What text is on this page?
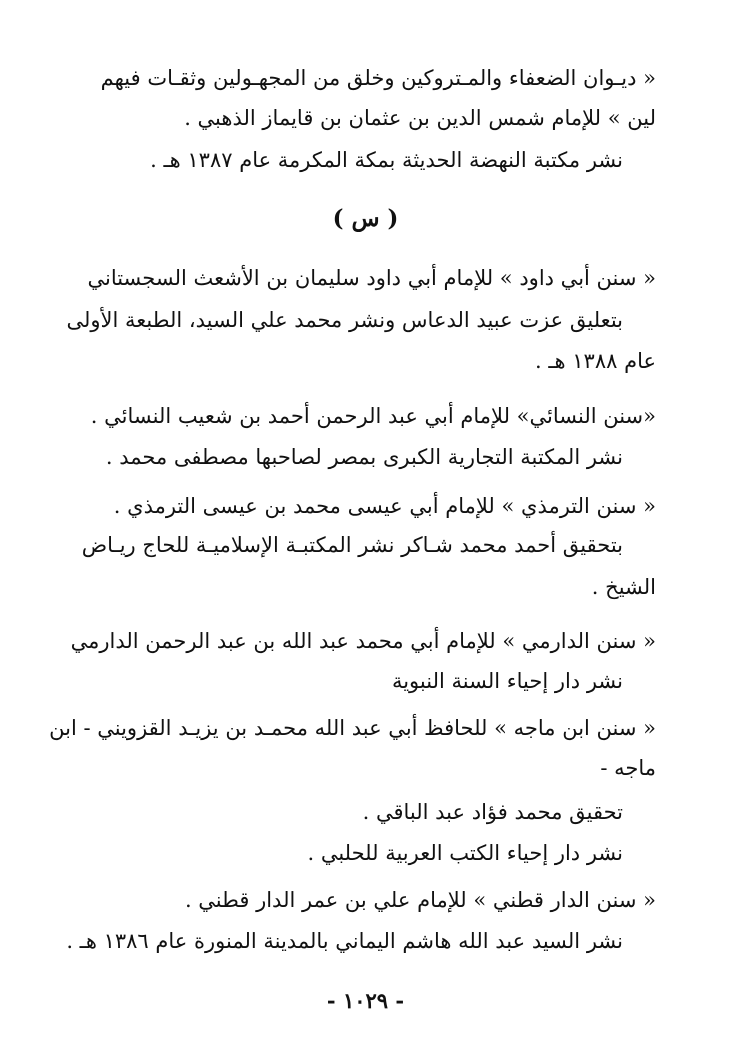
« ديـوان الضعفاء والمـتروكين وخلق من المجهـولين وثقـات فيهم
لين » للإمام شمس الدين بن عثمان بن قايماز الذهبي .
نشر مكتبة النهضة الحديثة بمكة المكرمة عام ١٣٨٧ هـ .
( س )
« سنن أبي داود » للإمام أبي داود سليمان بن الأشعث السجستاني
بتعليق عزت عبيد الدعاس ونشر محمد علي السيد، الطبعة الأولى
عام ١٣٨٨ هـ .
«سنن النسائي» للإمام أبي عبد الرحمن أحمد بن شعيب النسائي .
نشر المكتبة التجارية الكبرى بمصر لصاحبها مصطفى محمد .
« سنن الترمذي » للإمام أبي عيسى محمد بن عيسى الترمذي .
بتحقيق أحمد محمد شـاكر نشر المكتبـة الإسلاميـة للحاج ريـاض
الشيخ .
« سنن الدارمي » للإمام أبي محمد عبد الله بن عبد الرحمن الدارمي
نشر دار إحياء السنة النبوية
« سنن ابن ماجه » للحافظ أبي عبد الله محمـد بن يزيـد القزويني - ابن
ماجه -
تحقيق محمد فؤاد عبد الباقي .
نشر دار إحياء الكتب العربية للحلبي .
« سنن الدار قطني » للإمام علي بن عمر الدار قطني .
نشر السيد عبد الله هاشم اليماني بالمدينة المنورة عام ١٣٨٦ هـ .
- ١٠٢٩ -
